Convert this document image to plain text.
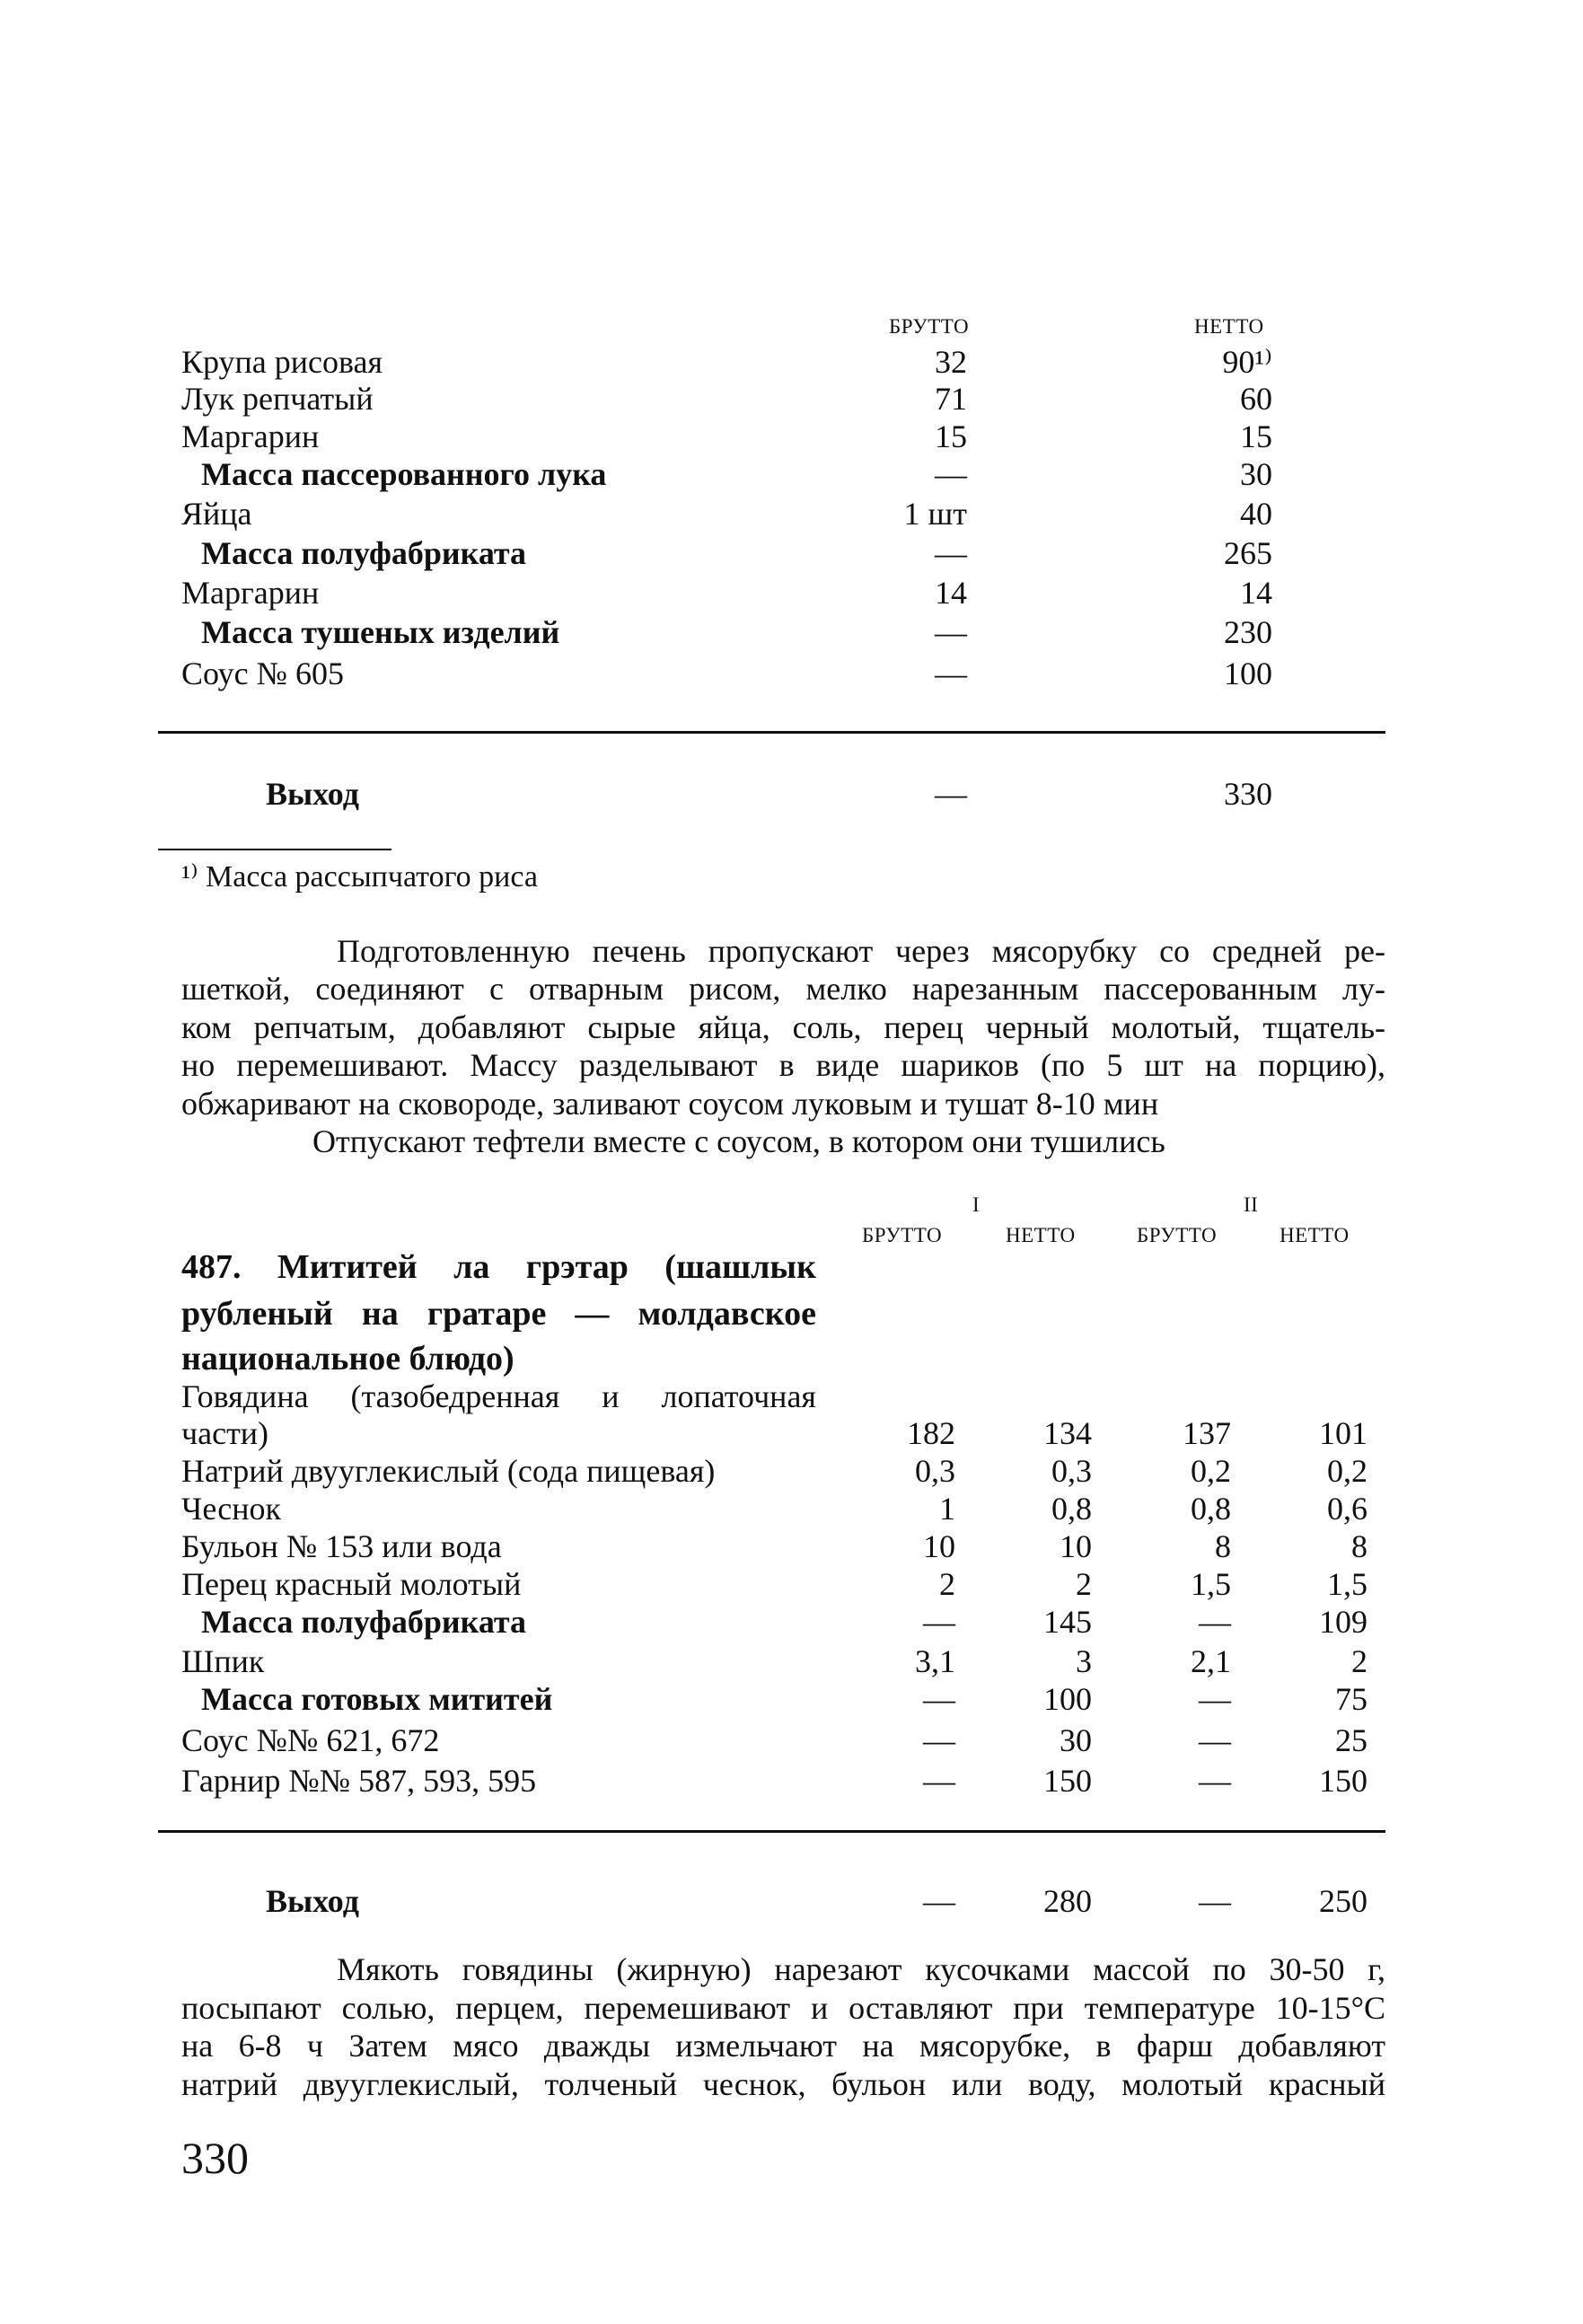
БРУТТО	НЕТТО
Крупа рисовая	32	90¹⁾
Лук репчатый	71	60
Маргарин	15	15
Масса пассерованного лука	—	30
Яйца	1 шт	40
Масса полуфабриката	—	265
Маргарин	14	14
Масса тушеных изделий	—	230
Соус № 605	—	100
Выход	—	330
¹⁾ Масса рассыпчатого риса
Подготовленную печень пропускают через мясорубку со средней ре-
шеткой, соединяют с отварным рисом, мелко нарезанным пассерованным лу-
ком репчатым, добавляют сырые яйца, соль, перец черный молотый, тщатель-
но перемешивают. Массу разделывают в виде шариков (по 5 шт на порцию),
обжаривают на сковороде, заливают соусом луковым и тушат 8-10 мин
Отпускают тефтели вместе с соусом, в котором они тушились
I	II
БРУТТО	НЕТТО	БРУТТО	НЕТТО
487. Мититей ла грэтар (шашлык
рубленый на гратаре — молдавское
национальное блюдо)
Говядина (тазобедренная и лопаточная
части)	182	134	137	101
Натрий двууглекислый (сода пищевая)	0,3	0,3	0,2	0,2
Чеснок	1	0,8	0,8	0,6
Бульон № 153 или вода	10	10	8	8
Перец красный молотый	2	2	1,5	1,5
Масса полуфабриката	—	145	—	109
Шпик	3,1	3	2,1	2
Масса готовых мититей	—	100	—	75
Соус №№ 621, 672	—	30	—	25
Гарнир №№ 587, 593, 595	—	150	—	150
Выход	—	280	—	250
Мякоть говядины (жирную) нарезают кусочками массой по 30-50 г,
посыпают солью, перцем, перемешивают и оставляют при температуре 10-15°С
на 6-8 ч Затем мясо дважды измельчают на мясорубке, в фарш добавляют
натрий двууглекислый, толченый чеснок, бульон или воду, молотый красный
330
